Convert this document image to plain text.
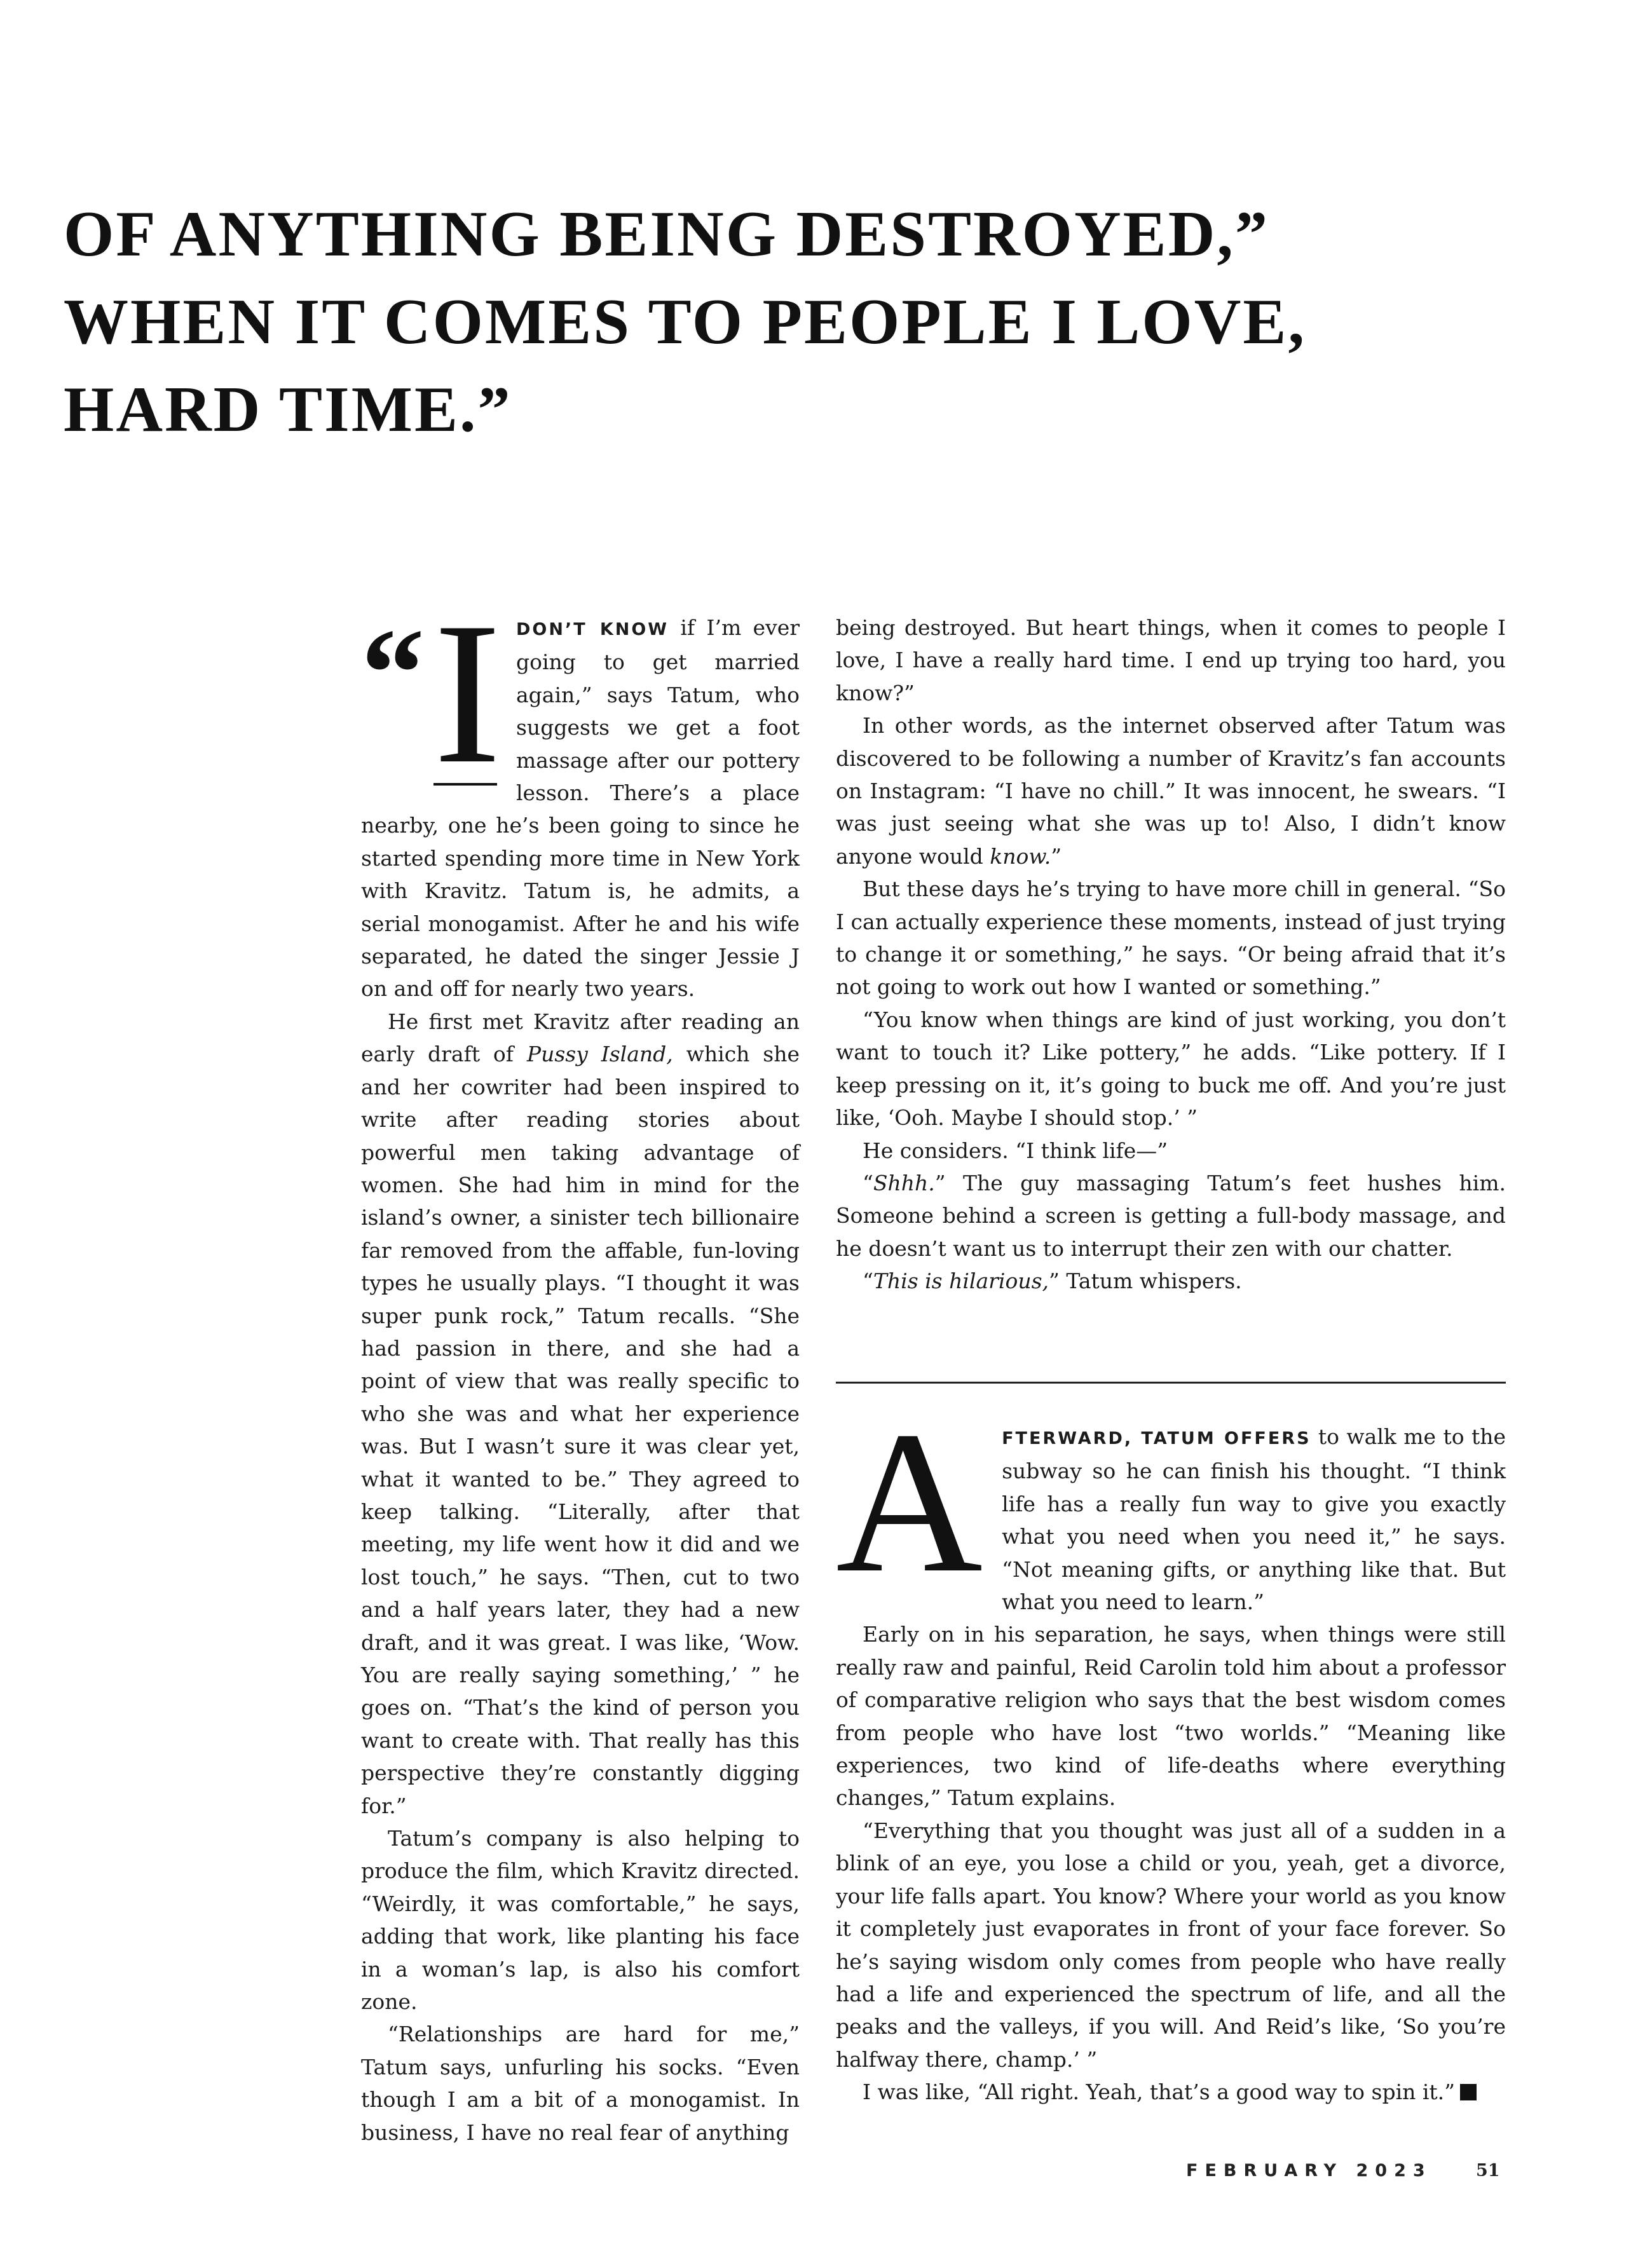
OF ANYTHING BEING DESTROYED,”
WHEN IT COMES TO PEOPLE I LOVE,
HARD TIME.”
“ I DON’T KNOW if I’m ever going to get married again,” says Tatum, who suggests we get a foot massage after our pottery lesson. There’s a place nearby, one he’s been going to since he started spending more time in New York with Kravitz. Tatum is, he admits, a serial monogamist. After he and his wife separated, he dated the singer Jessie J on and off for nearly two years.

He first met Kravitz after reading an early draft of Pussy Island, which she and her cowriter had been inspired to write after reading stories about powerful men taking advantage of women. She had him in mind for the island’s owner, a sinister tech billionaire far removed from the affable, fun-loving types he usually plays. “I thought it was super punk rock,” Tatum recalls. “She had passion in there, and she had a point of view that was really specific to who she was and what her experience was. But I wasn’t sure it was clear yet, what it wanted to be.” They agreed to keep talking. “Literally, after that meeting, my life went how it did and we lost touch,” he says. “Then, cut to two and a half years later, they had a new draft, and it was great. I was like, ‘Wow. You are really saying something,’ ” he goes on. “That’s the kind of person you want to create with. That really has this perspective they’re constantly digging for.”

Tatum’s company is also helping to produce the film, which Kravitz directed. “Weirdly, it was comfortable,” he says, adding that work, like planting his face in a woman’s lap, is also his comfort zone.

“Relationships are hard for me,” Tatum says, unfurling his socks. “Even though I am a bit of a monogamist. In business, I have no real fear of anything

being destroyed. But heart things, when it comes to people I love, I have a really hard time. I end up trying too hard, you know?”

In other words, as the internet observed after Tatum was discovered to be following a number of Kravitz’s fan accounts on Instagram: “I have no chill.” It was innocent, he swears. “I was just seeing what she was up to! Also, I didn’t know anyone would know.”

But these days he’s trying to have more chill in general. “So I can actually experience these moments, instead of just trying to change it or something,” he says. “Or being afraid that it’s not going to work out how I wanted or something.”

“You know when things are kind of just working, you don’t want to touch it? Like pottery,” he adds. “Like pottery. If I keep pressing on it, it’s going to buck me off. And you’re just like, ‘Ooh. Maybe I should stop.’ ”

He considers. “I think life—”

“Shhh.” The guy massaging Tatum’s feet hushes him. Someone behind a screen is getting a full-body massage, and he doesn’t want us to interrupt their zen with our chatter.

“This is hilarious,” Tatum whispers.

A	FTERWARD, TATUM OFFERS to walk me to the subway so he can finish his thought. “I think life has a really fun way to give you exactly what you need when you need it,” he says. “Not meaning gifts, or anything like that. But what you need to learn.”

Early on in his separation, he says, when things were still really raw and painful, Reid Carolin told him about a professor of comparative religion who says that the best wisdom comes from people who have lost “two worlds.” “Meaning like experiences, two kind of life-deaths where everything changes,” Tatum explains.

“Everything that you thought was just all of a sudden in a blink of an eye, you lose a child or you, yeah, get a divorce, your life falls apart. You know? Where your world as you know it completely just evaporates in front of your face forever. So he’s saying wisdom only comes from people who have really had a life and experienced the spectrum of life, and all the peaks and the valleys, if you will. And Reid’s like, ‘So you’re halfway there, champ.’ ”

I was like, “All right. Yeah, that’s a good way to spin it.”

FEBRUARY 2023	51
